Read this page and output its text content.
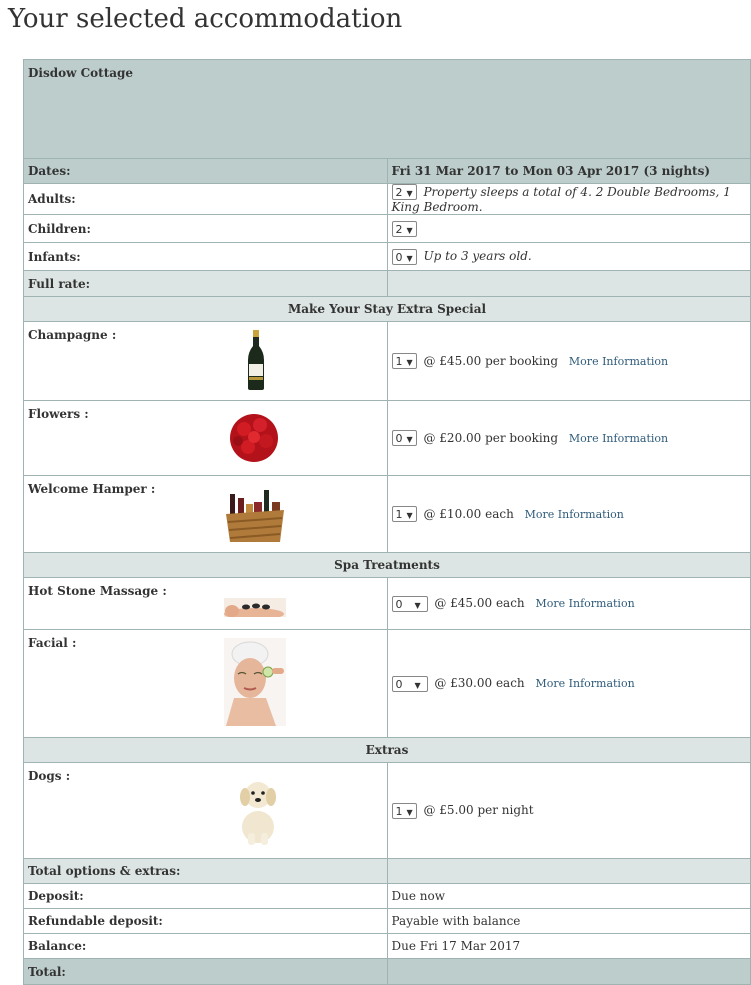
Your selected accommodation
Disdow Cottage	
Dates:	Fri 31 Mar 2017 to Mon 03 Apr 2017 (3 nights)
Adults:	2 ▼ Property sleeps a total of 4. 2 Double Bedrooms, 1 King Bedroom.
Children:	2 ▼
Infants:	0 ▼ Up to 3 years old.
Full rate:	
Make Your Stay Extra Special	
Champagne :	1 ▼ @ £45.00 per booking More Information
Flowers :	0 ▼ @ £20.00 per booking More Information
Welcome Hamper :	1 ▼ @ £10.00 each More Information
Spa Treatments	
Hot Stone Massage :	0 ▼ @ £45.00 each More Information
Facial :	0 ▼ @ £30.00 each More Information
Extras	
Dogs :	1 ▼ @ £5.00 per night
Total options & extras:	
Deposit:	Due now
Refundable deposit:	Payable with balance
Balance:	Due Fri 17 Mar 2017
Total:	
